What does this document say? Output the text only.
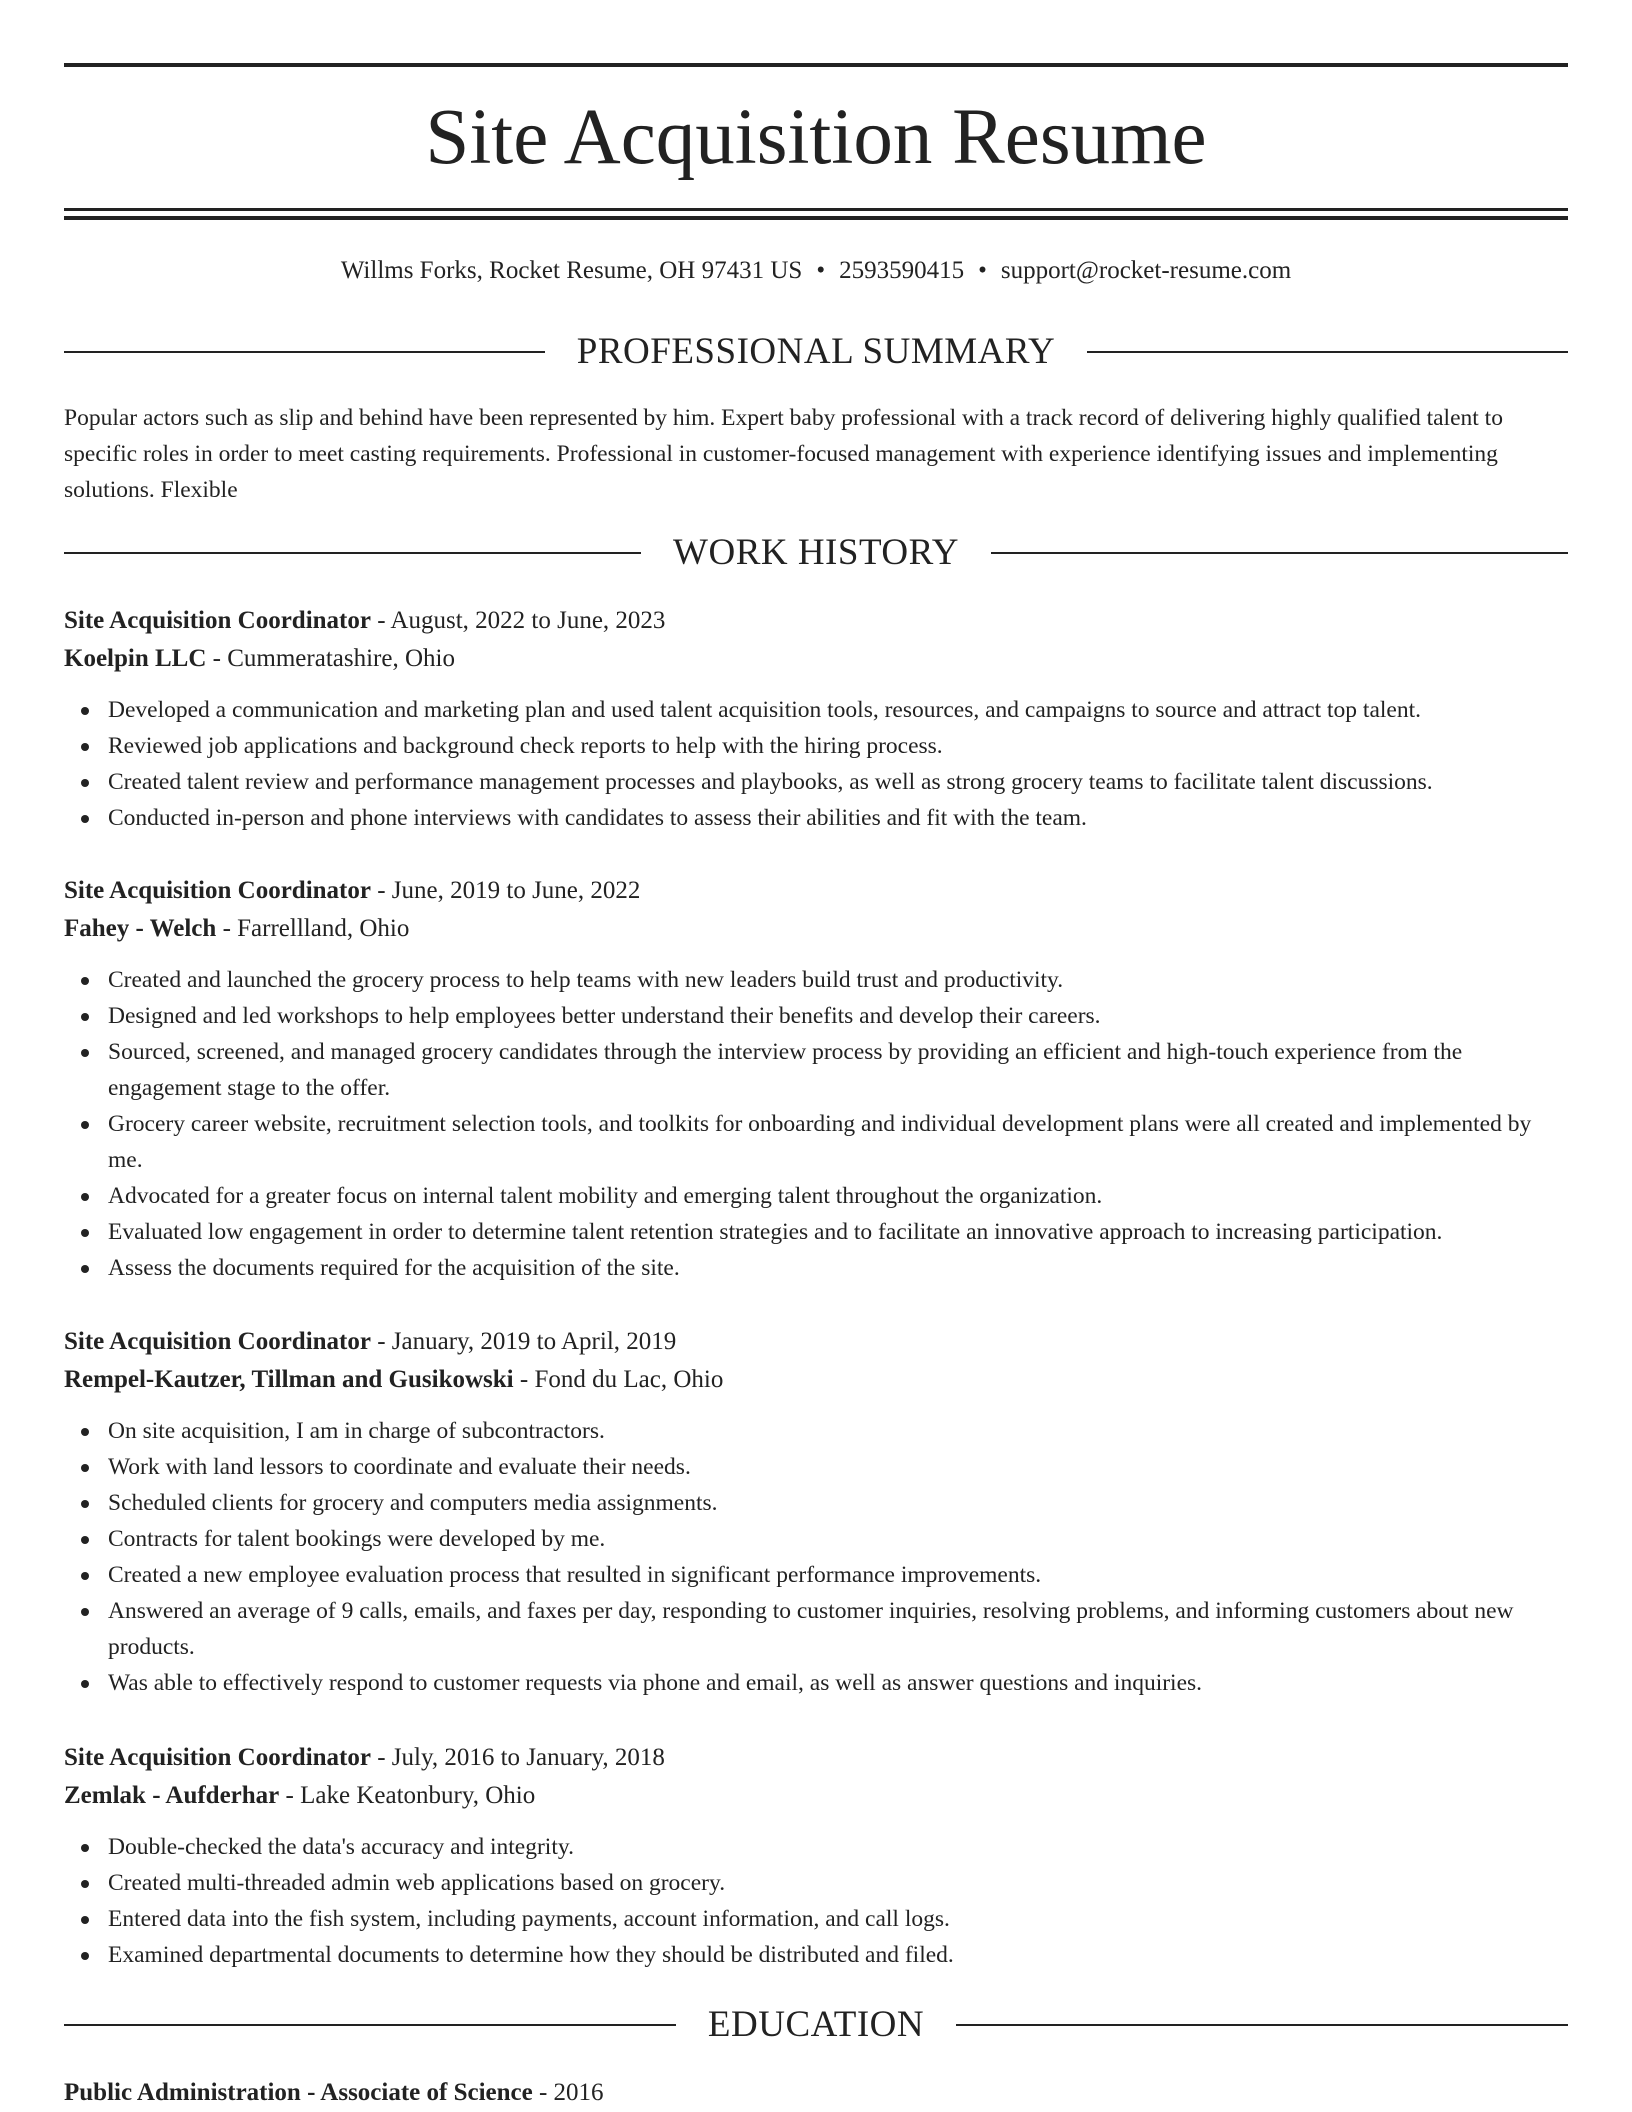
Site Acquisition Resume
Willms Forks, Rocket Resume, OH 97431 US • 2593590415 • support@rocket-resume.com
PROFESSIONAL SUMMARY
Popular actors such as slip and behind have been represented by him. Expert baby professional with a track record of delivering highly qualified talent to specific roles in order to meet casting requirements. Professional in customer-focused management with experience identifying issues and implementing solutions. Flexible
WORK HISTORY
Site Acquisition Coordinator - August, 2022 to June, 2023
Koelpin LLC - Cummeratashire, Ohio
Developed a communication and marketing plan and used talent acquisition tools, resources, and campaigns to source and attract top talent.
Reviewed job applications and background check reports to help with the hiring process.
Created talent review and performance management processes and playbooks, as well as strong grocery teams to facilitate talent discussions.
Conducted in-person and phone interviews with candidates to assess their abilities and fit with the team.
Site Acquisition Coordinator - June, 2019 to June, 2022
Fahey - Welch - Farrellland, Ohio
Created and launched the grocery process to help teams with new leaders build trust and productivity.
Designed and led workshops to help employees better understand their benefits and develop their careers.
Sourced, screened, and managed grocery candidates through the interview process by providing an efficient and high-touch experience from the engagement stage to the offer.
Grocery career website, recruitment selection tools, and toolkits for onboarding and individual development plans were all created and implemented by me.
Advocated for a greater focus on internal talent mobility and emerging talent throughout the organization.
Evaluated low engagement in order to determine talent retention strategies and to facilitate an innovative approach to increasing participation.
Assess the documents required for the acquisition of the site.
Site Acquisition Coordinator - January, 2019 to April, 2019
Rempel-Kautzer, Tillman and Gusikowski - Fond du Lac, Ohio
On site acquisition, I am in charge of subcontractors.
Work with land lessors to coordinate and evaluate their needs.
Scheduled clients for grocery and computers media assignments.
Contracts for talent bookings were developed by me.
Created a new employee evaluation process that resulted in significant performance improvements.
Answered an average of 9 calls, emails, and faxes per day, responding to customer inquiries, resolving problems, and informing customers about new products.
Was able to effectively respond to customer requests via phone and email, as well as answer questions and inquiries.
Site Acquisition Coordinator - July, 2016 to January, 2018
Zemlak - Aufderhar - Lake Keatonbury, Ohio
Double-checked the data's accuracy and integrity.
Created multi-threaded admin web applications based on grocery.
Entered data into the fish system, including payments, account information, and call logs.
Examined departmental documents to determine how they should be distributed and filed.
EDUCATION
Public Administration - Associate of Science - 2016
